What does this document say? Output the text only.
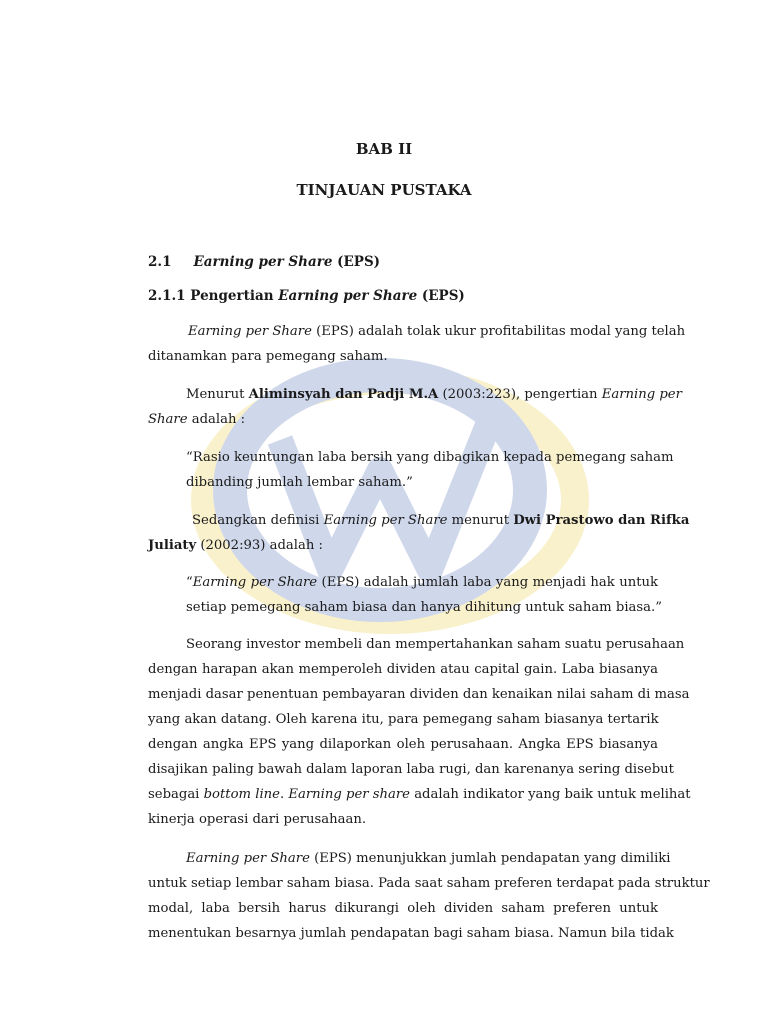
BAB II
TINJAUAN PUSTAKA
2.1 Earning per Share (EPS)
2.1.1 Pengertian Earning per Share (EPS)
Earning per Share (EPS) adalah tolak ukur profitabilitas modal yang telah
ditanamkan para pemegang saham.
Menurut Aliminsyah dan Padji M.A (2003:223), pengertian Earning per
Share adalah :
“Rasio keuntungan laba bersih yang dibagikan kepada pemegang saham
dibanding jumlah lembar saham.”
Sedangkan definisi Earning per Share menurut Dwi Prastowo dan Rifka
Juliaty (2002:93) adalah :
“Earning per Share (EPS) adalah jumlah laba yang menjadi hak untuk
setiap pemegang saham biasa dan hanya dihitung untuk saham biasa.”
Seorang investor membeli dan mempertahankan saham suatu perusahaan
dengan harapan akan memperoleh dividen atau capital gain. Laba biasanya
menjadi dasar penentuan pembayaran dividen dan kenaikan nilai saham di masa
yang akan datang. Oleh karena itu, para pemegang saham biasanya tertarik
dengan angka EPS yang dilaporkan oleh perusahaan. Angka EPS biasanya
disajikan paling bawah dalam laporan laba rugi, dan karenanya sering disebut
sebagai bottom line. Earning per share adalah indikator yang baik untuk melihat
kinerja operasi dari perusahaan.
Earning per Share (EPS) menunjukkan jumlah pendapatan yang dimiliki
untuk setiap lembar saham biasa. Pada saat saham preferen terdapat pada struktur
modal, laba bersih harus dikurangi oleh dividen saham preferen untuk
menentukan besarnya jumlah pendapatan bagi saham biasa. Namun bila tidak
